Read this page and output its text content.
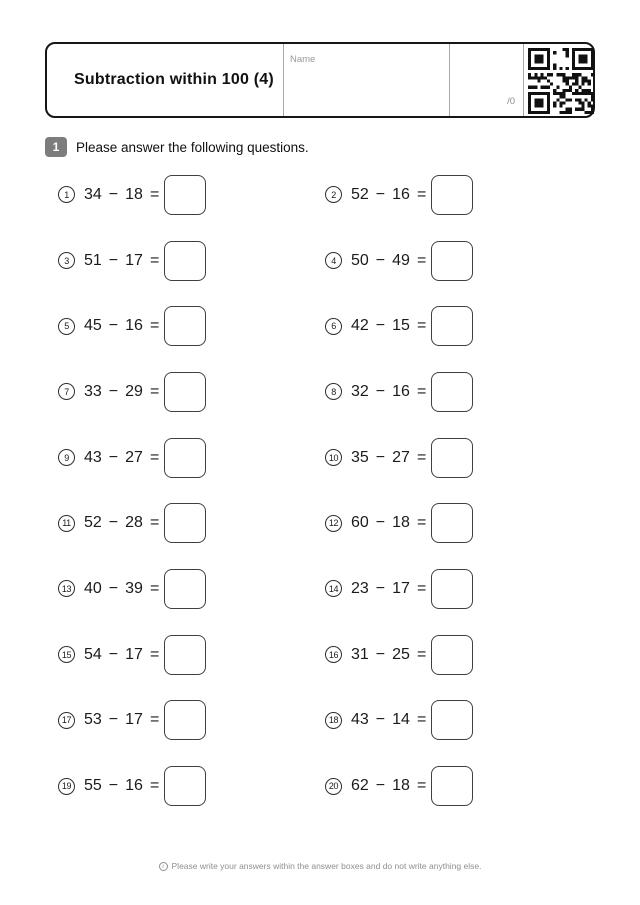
Subtraction within 100 (4)
Name
/0
1	Please answer the following questions.
1 34 − 18 =	2 52 − 16 =
3 51 − 17 =	4 50 − 49 =
5 45 − 16 =	6 42 − 15 =
7 33 − 29 =	8 32 − 16 =
9 43 − 27 =	10 35 − 27 =
11 52 − 28 =	12 60 − 18 =
13 40 − 39 =	14 23 − 17 =
15 54 − 17 =	16 31 − 25 =
17 53 − 17 =	18 43 − 14 =
19 55 − 16 =	20 62 − 18 =
i Please write your answers within the answer boxes and do not write anything else.
